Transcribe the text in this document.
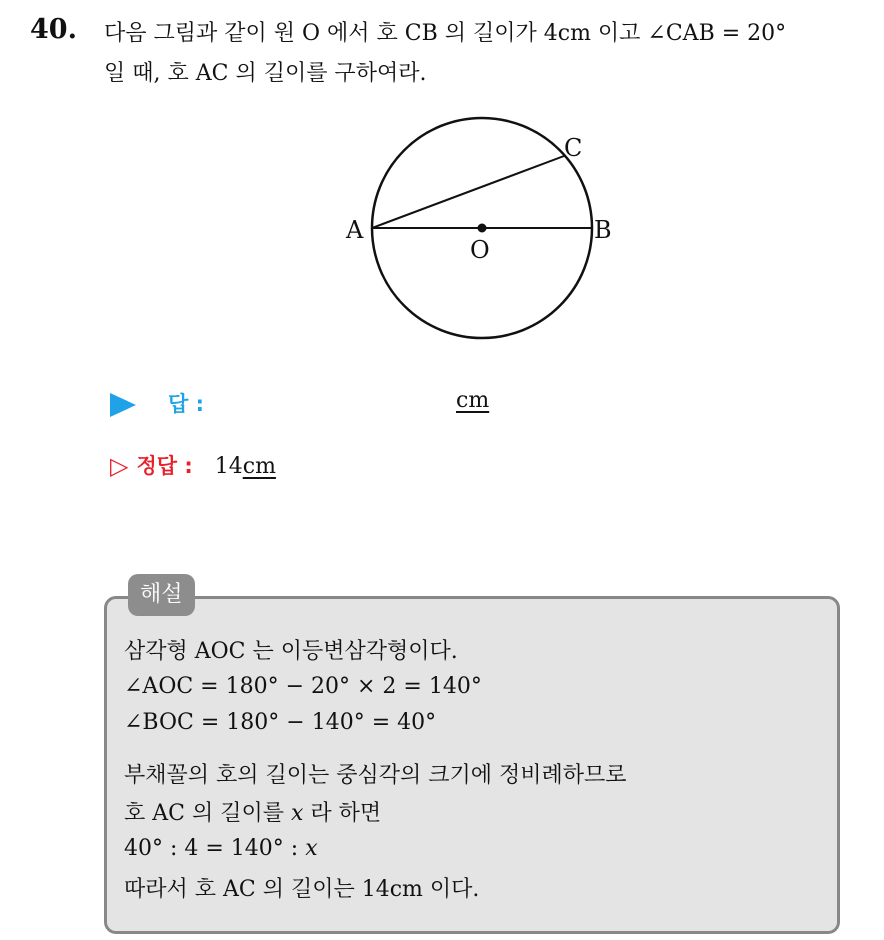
40. 다음 그림과 같이 원 O 에서 호 CB 의 길이가 4cm 이고 ∠CAB = 20°
일 때, 호 AC 의 길이를 구하여라.
A	B
C
O
답 :	cm
▷ 정답 : 14cm
해설
삼각형 AOC 는 이등변삼각형이다.
∠AOC = 180° − 20° × 2 = 140°
∠BOC = 180° − 140° = 40°
부채꼴의 호의 길이는 중심각의 크기에 정비례하므로
호 AC 의 길이를 x 라 하면
40° : 4 = 140° : x
따라서 호 AC 의 길이는 14cm 이다.
